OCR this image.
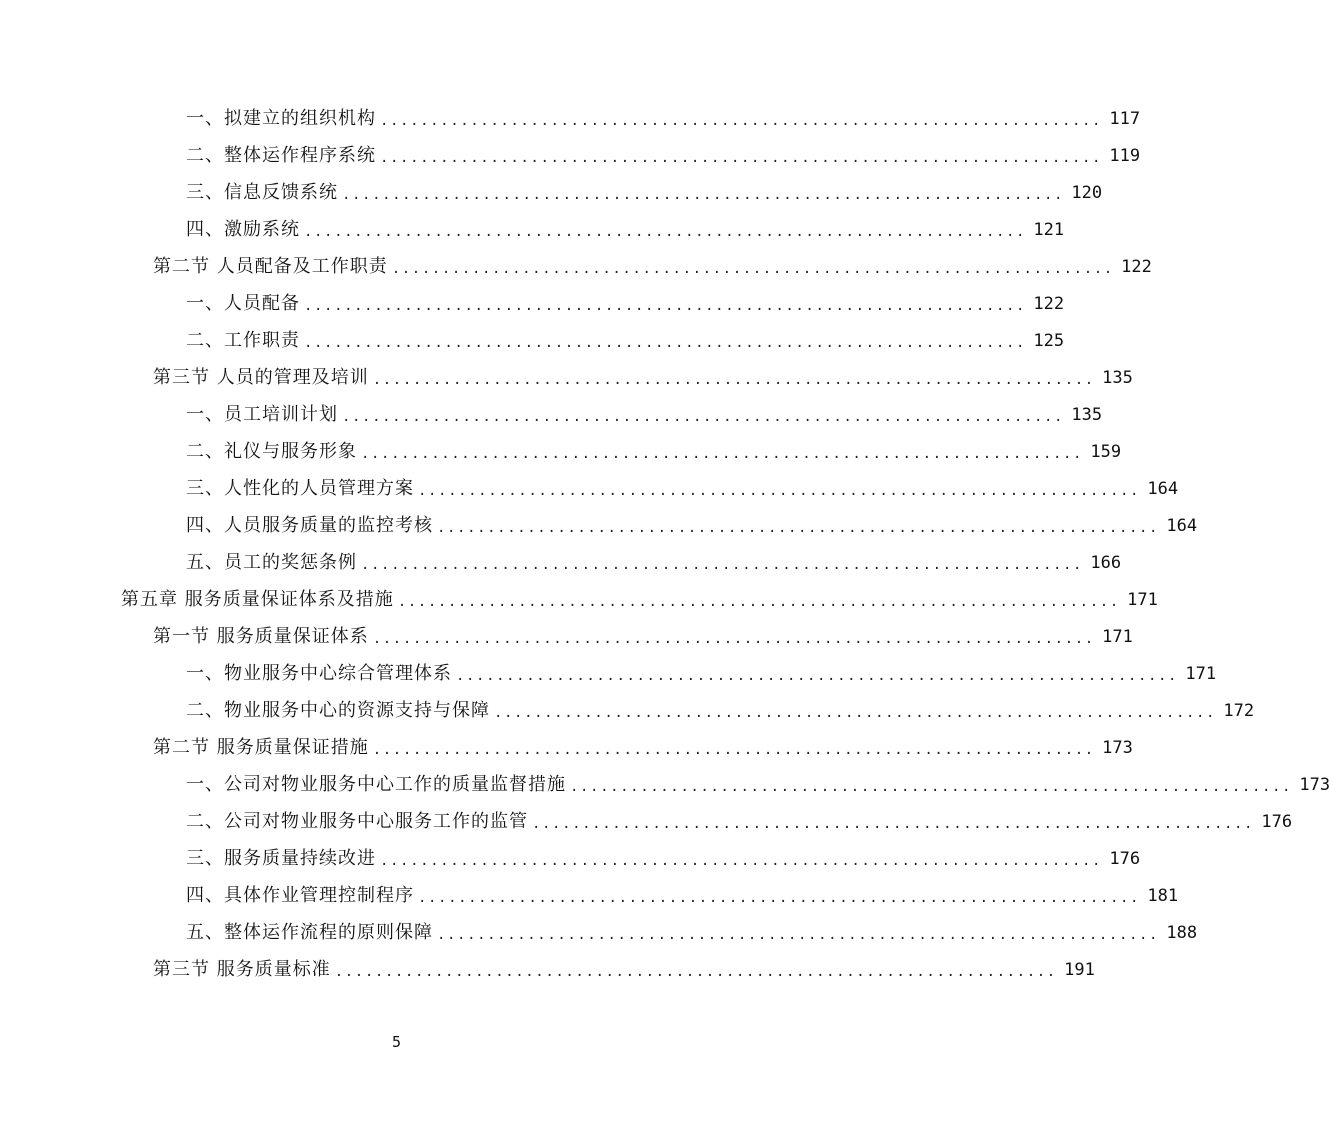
一、拟建立的组织机构 ........................................................................ 117
二、整体运作程序系统 ........................................................................ 119
三、信息反馈系统 ........................................................................ 120
四、激励系统 ........................................................................ 121
第二节 人员配备及工作职责 ........................................................................ 122
一、人员配备 ........................................................................ 122
二、工作职责 ........................................................................ 125
第三节 人员的管理及培训 ........................................................................ 135
一、员工培训计划 ........................................................................ 135
二、礼仪与服务形象 ........................................................................ 159
三、人性化的人员管理方案 ........................................................................ 164
四、人员服务质量的监控考核 ........................................................................ 164
五、员工的奖惩条例 ........................................................................ 166
第五章 服务质量保证体系及措施 ........................................................................ 171
第一节 服务质量保证体系 ........................................................................ 171
一、物业服务中心综合管理体系 ........................................................................ 171
二、物业服务中心的资源支持与保障 ........................................................................ 172
第二节 服务质量保证措施 ........................................................................ 173
一、公司对物业服务中心工作的质量监督措施 ........................................................................ 173
二、公司对物业服务中心服务工作的监管 ........................................................................ 176
三、服务质量持续改进 ........................................................................ 176
四、具体作业管理控制程序 ........................................................................ 181
五、整体运作流程的原则保障 ........................................................................ 188
第三节 服务质量标准 ........................................................................ 191
5
